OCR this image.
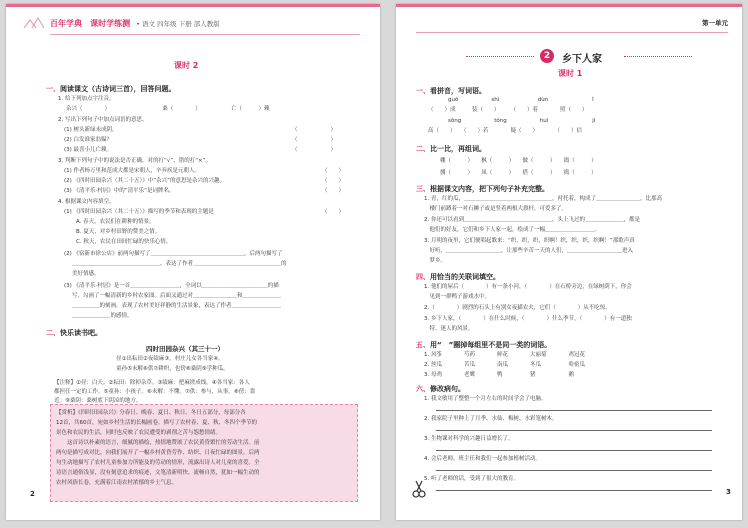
百年学典 课时学练测 • 语文 四年级 下册 部人教版
课时 2
一、阅读课文（古诗词三首），回答问题。
1. 给下列加点字注音。
杂兴（　　　　）　　　　　　　　　　桑（　　　　）　　　　　　亡（　　　）赖
2. 写出下列句子中加点词语的意思。
(1) 树头新绿未成阴。	（　　　　　　）
(2) 白发谁家翁媪？	（　　　　　　）
(3) 最喜小儿亡赖。	（　　　　　　）
3. 判断下列句子中的说法是否正确。对的打“√”，错的打“×”。
(1) 作者杨万里和范成大都是宋朝人，辛弃疾是元朝人。	（　　）
(2) 《四时田园杂兴（其二十五）》中“杂兴”的意思是杂兴的兴趣。	（　　）
(3) 《清平乐·村居》中的“清平乐”是词牌名。	（　　）
4. 根据课文内容填空。
(1) 《四时田园杂兴（其二十五）》描写的季节和表现的主题是	（　　）
A. 春天，农民们在耕种的情景。
B. 夏天，对乡村田野的赞美之情。
C. 秋天，农民在田间忙碌的快乐心情。
(2) 《宿新市徐公店》前两句描写了＿＿＿＿＿＿＿＿＿＿＿＿＿＿＿＿＿，后两句描写了
＿＿＿＿＿＿＿＿＿＿＿＿＿＿＿＿，表达了作者＿＿＿＿＿＿＿＿＿＿＿＿＿＿＿＿的
美好情感。
(3) 《清平乐·村居》是一首＿＿＿＿＿＿＿＿＿，全词以＿＿＿＿＿＿＿＿＿＿＿＿的描
写，勾画了一幅清新的乡村农家图。后面又通过对＿＿＿＿＿＿＿＿和＿＿＿＿＿＿＿
＿＿＿＿＿的刻画，表现了农村美好祥静的生活景象，表达了作者＿＿＿＿＿＿＿＿＿
＿＿＿＿＿＿＿的感情。
二、快乐读书吧。
四时田园杂兴（其三十一）
昼①出耘田②夜绩麻③，村庄儿女各当家④。
童孙⑤未解⑥供⑦耕织，也傍⑧桑阴⑨学种瓜。
【注释】①昼：白天。②耘田：除掉杂草。③绩麻：把麻搓成线。④各当家：各人
都担任一定的工作。⑤童孙：小孩子。⑥未解：不懂。⑦供：参与，从事。⑧傍：靠
近。⑨桑阴：桑树底下阴凉的地方。
【赏析】《四时田园杂兴》分春日、晚春、夏日、秋日、冬日五部分，每部分各
12首，共60首，宛如乡村生活的长幅画卷。描写了农村春、夏、秋、冬四个季节的
景色和农民的生活，同时也反映了农民遭受的剥削之苦与怨愁情绪。
　　这首诗以朴素的语言，细腻的描绘，热情地赞颂了农民黄昏繁忙的劳动生活。前
两句是描写成对比，向我们展开了一幅乡村黄昏劳作、纺织、日夜忙碌的图景。后两
句生动地描写了农村儿童参加力所能及的劳动的情形，流露出诗人对儿童的喜爱。全
诗语言通俗浅显，没有刻意追求的痕迹，文笔清新明快，流畅自然，犹如一幅生动的
农村风俗长卷，充满着江南农村浓郁的乡土气息。
2
第一单元
2	乡下人家
课时 1
一、看拼音，写词语。
guō　　　　　　shì　　　　　　　dùn　　　　　　　　ǐ
（　　）成　　　装（　　）　　　（　　）着　　　　照（　　）
sōng　　　　　　tóng　　　　　　huì　　　　　　　　jì
高（　　）　　（　　）若　　　　疑（　　）　　　　（　　）信
二、比一比，再组词。
棚（　　　）　　枫（　　　）　　做（　　　）　　捣（　　　）
捌（　　　）　　凤（　　　）　　借（　　　）　　捣（　　　）
三、根据课文内容，把下列句子补充完整。
1. 青，红的瓜，＿＿＿＿＿＿＿＿＿＿＿＿＿＿＿＿，衬托着，构成了＿＿＿＿＿＿＿＿，比那高
　楼门前蹲着一对石狮子或是竖着两根大旗杆，可爱多了。
2. 你还可以看到＿＿＿＿＿＿＿＿＿＿＿＿＿＿＿＿，头上飞过的＿＿＿＿＿＿＿，都是
　他们的好友，它们和乡下人家一起，绘成了一幅＿＿＿＿＿＿＿＿＿。
3. 月明的夜里，它们便唱起歌来：“织，织，织，织啊！织，织，织，织啊！”那歌声真
　好听，＿＿＿＿＿＿＿＿＿＿，让那些辛苦一天的人们，＿＿＿＿＿＿＿＿＿＿进入
　梦乡。
四、用恰当的关联词填空。
1. 他们的屋后（　　　　）有一条小河，（　　　　）在石桥旁边，在绿树荫下，你会
　见到一群鸭子游戏水中。
2.（　　　　）剧烈的石头上有别女夜猫农夫，它们（　　　　）从不吃惊。
3. 乡下人家，（　　　　）在什么时候，（　　　　）什么季节，（　　　　）有一道独
　特、迷人的风景。
五、用“　”圈掉每组里不是同一类的词语。
1. 风筝　　　　芍药　　　　鲜花　　　　大丽菊　　　　鸡冠花
2. 丝瓜　　　　苦瓜　　　　南瓜　　　　冬瓜　　　　　哈密瓜
3. 母鸡　　　　老鹰　　　　鸭　　　　　猪　　　　　　鹅
六、修改病句。
1. 我文敏用了整整一个月左右的时间学会了电脑。
2. 我家院子里种上了月季、水仙、梅树、水彩笔树木。
3. 生物课对科学的兴趣日益增长了。
4. 会后老师，班主任和我们一起参加植树活动。
5. 听了老师的话，受到了很大的教育。
3
